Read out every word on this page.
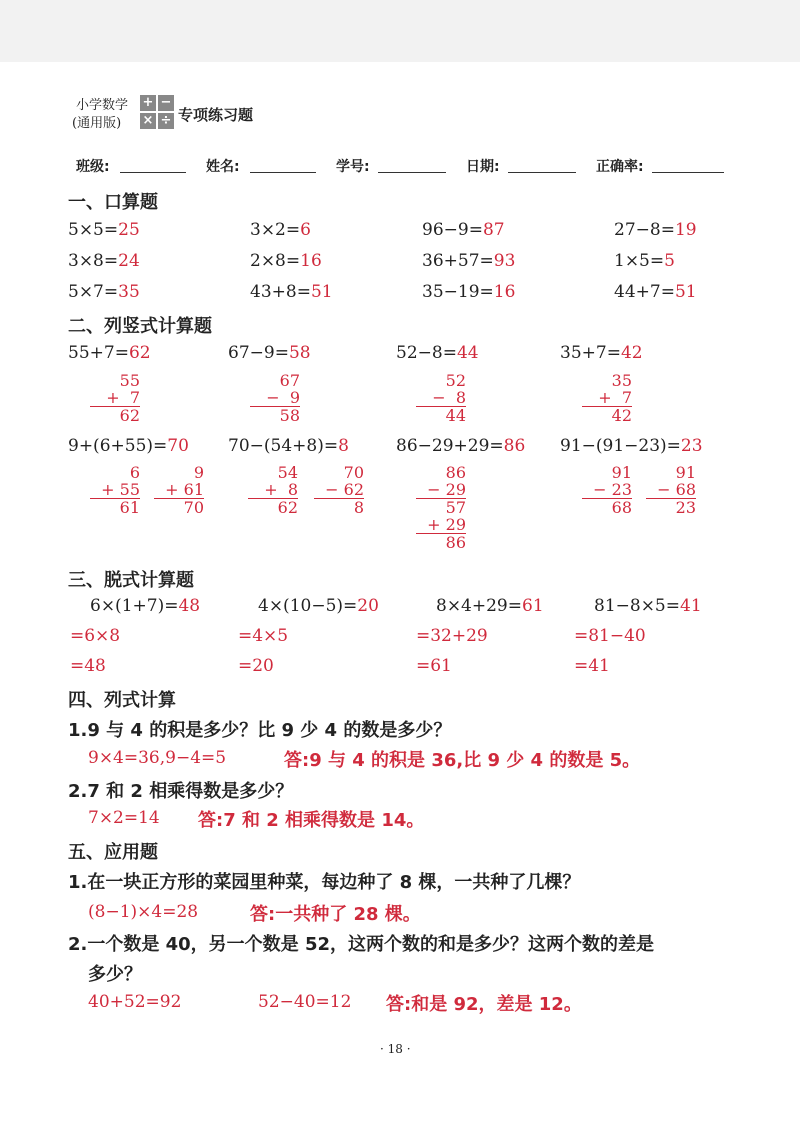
小学数学
(通用版)
+ −
× ÷ 专项练习题
班级:	姓名:	学号:	日期:	正确率:
一、口算题
5×5=25	3×2=6	96−9=87	27−8=19
3×8=24	2×8=16	36+57=93	1×5=5
5×7=35	43+8=51	35−19=16	44+7=51
二、列竖式计算题
55+7=62	67−9=58	52−8=44	35+7=42
55
+  7
62
67
−  9
58
52
−  8
44
35
+  7
42
9+(6+55)=70 70−(54+8)=8	86−29+29=86 91−(91−23)=23
6
+ 55
61
9
+ 61
70
54
+  8
62
70
− 62
8
86
− 29
57
+ 29
86
91
− 23
68
91
− 68
23
三、脱式计算题
6×(1+7)=48
=6×8
=48
4×(10−5)=20
=4×5
=20
8×4+29=61
=32+29
=61
81−8×5=41
=81−40
=41
四、列式计算
1.9 与 4 的积是多少？比 9 少 4 的数是多少？
9×4=36,9−4=5	答:9 与 4 的积是 36,比 9 少 4 的数是 5。
2.7 和 2 相乘得数是多少？
7×2=14 答:7 和 2 相乘得数是 14。
五、应用题
1.在一块正方形的菜园里种菜，每边种了 8 棵，一共种了几棵？
(8−1)×4=28	答:一共种了 28 棵。
2.一个数是 40，另一个数是 52，这两个数的和是多少？这两个数的差是
多少？
40+52=92	52−40=12 答:和是 92，差是 12。
· 18 ·
